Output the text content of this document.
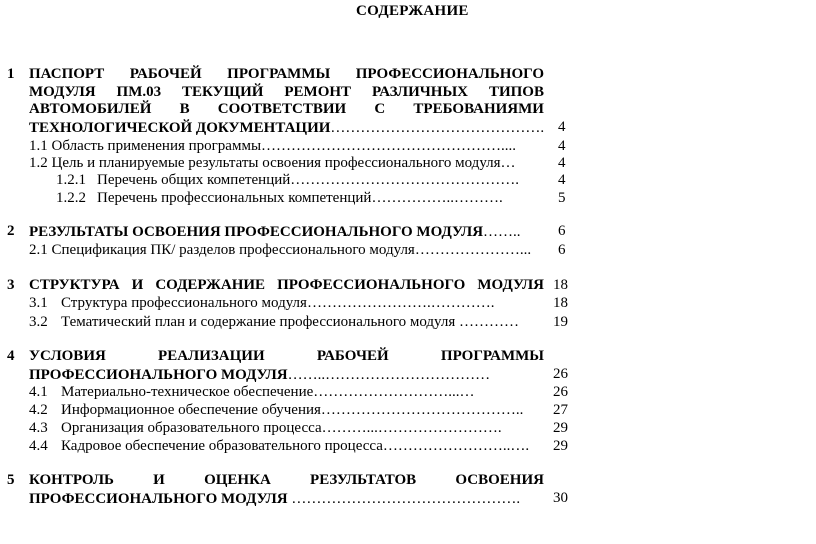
СОДЕРЖАНИЕ
1 ПАСПОРТ РАБОЧЕЙ ПРОГРАММЫ ПРОФЕССИОНАЛЬНОГО
МОДУЛЯ ПМ.03 ТЕКУЩИЙ РЕМОНТ РАЗЛИЧНЫХ ТИПОВ
АВТОМОБИЛЕЙ В СООТВЕТСТВИИ С ТРЕБОВАНИЯМИ
ТЕХНОЛОГИЧЕСКОЙ ДОКУМЕНТАЦИИ……………………………………. 4
1.1 Область применения программы…………………………………………....	4
1.2 Цель и планируемые результаты освоения профессионального модуля…	4
1.2.1 Перечень общих компетенций……………………………………….	4
1.2.2 Перечень профессиональных компетенций……………..……….	5
2 РЕЗУЛЬТАТЫ ОСВОЕНИЯ ПРОФЕССИОНАЛЬНОГО МОДУЛЯ…….. 6
2.1 Спецификация ПК/ разделов профессионального модуля…………………... 6
3 СТРУКТУРА И СОДЕРЖАНИЕ ПРОФЕССИОНАЛЬНОГО МОДУЛЯ 18
3.1 Структура профессионального модуля…………………….………….	18
3.2 Тематический план и содержание профессионального модуля ………… 19
4 УСЛОВИЯ	РЕАЛИЗАЦИИ	РАБОЧЕЙ	ПРОГРАММЫ
ПРОФЕССИОНАЛЬНОГО МОДУЛЯ……..……………………………	26
4.1 Материально-техническое обеспечение………………………...…	26
4.2 Информационное обеспечение обучения………………………………….. 27
4.3 Организация образовательного процесса………...…………………….	29
4.4 Кадровое обеспечение образовательного процесса……………………..…. 29
5 КОНТРОЛЬ	И	ОЦЕНКА	РЕЗУЛЬТАТОВ	ОСВОЕНИЯ
ПРОФЕССИОНАЛЬНОГО МОДУЛЯ ………………………………………. 30
